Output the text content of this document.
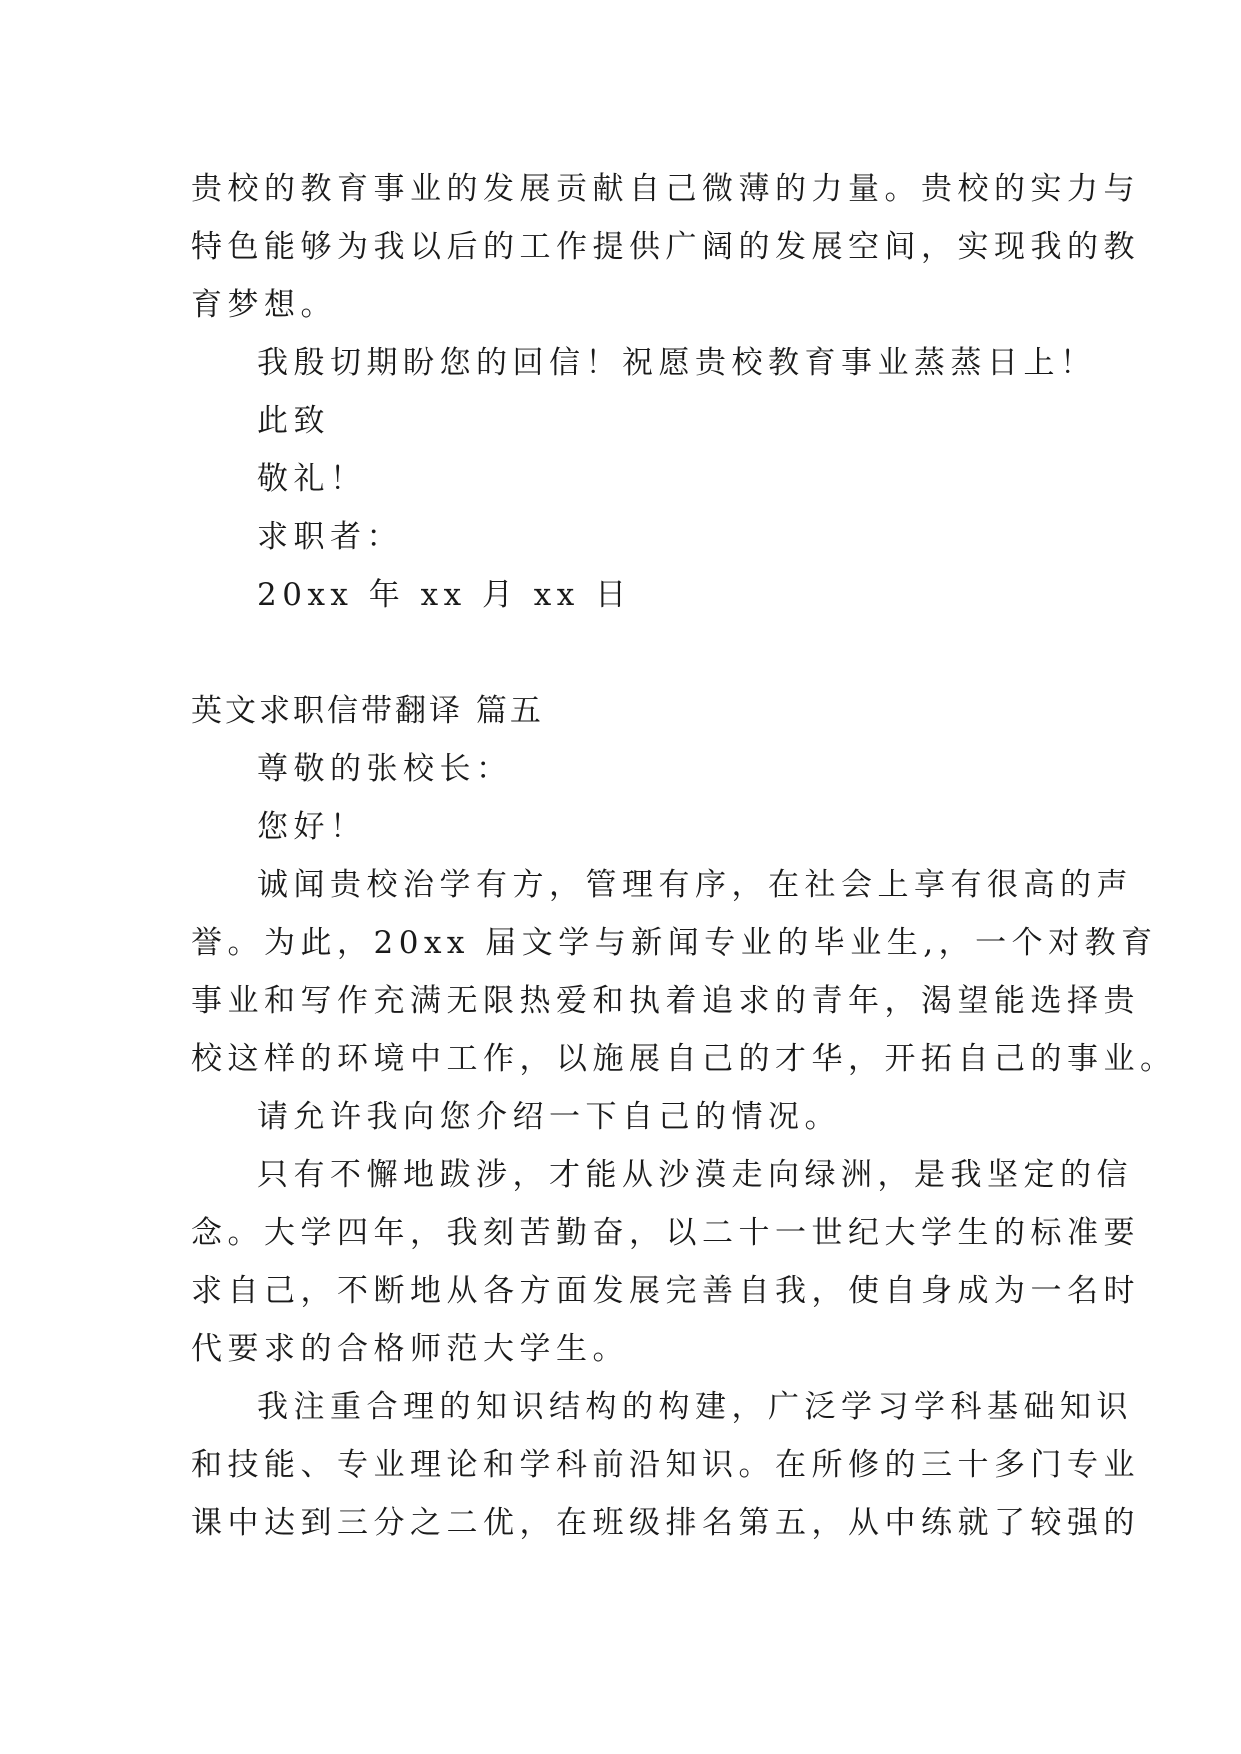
贵校的教育事业的发展贡献自己微薄的力量。贵校的实力与
特色能够为我以后的工作提供广阔的发展空间，实现我的教
育梦想。
我殷切期盼您的回信！祝愿贵校教育事业蒸蒸日上！
此致
敬礼！
求职者：
20xx 年 xx 月 xx 日
英文求职信带翻译 篇五
尊敬的张校长：
您好！
诚闻贵校治学有方，管理有序，在社会上享有很高的声
誉。为此，20xx 届文学与新闻专业的毕业生,，一个对教育
事业和写作充满无限热爱和执着追求的青年，渴望能选择贵
校这样的环境中工作，以施展自己的才华，开拓自己的事业。
请允许我向您介绍一下自己的情况。
只有不懈地跋涉，才能从沙漠走向绿洲，是我坚定的信
念。大学四年，我刻苦勤奋，以二十一世纪大学生的标准要
求自己，不断地从各方面发展完善自我，使自身成为一名时
代要求的合格师范大学生。
我注重合理的知识结构的构建，广泛学习学科基础知识
和技能、专业理论和学科前沿知识。在所修的三十多门专业
课中达到三分之二优，在班级排名第五，从中练就了较强的
